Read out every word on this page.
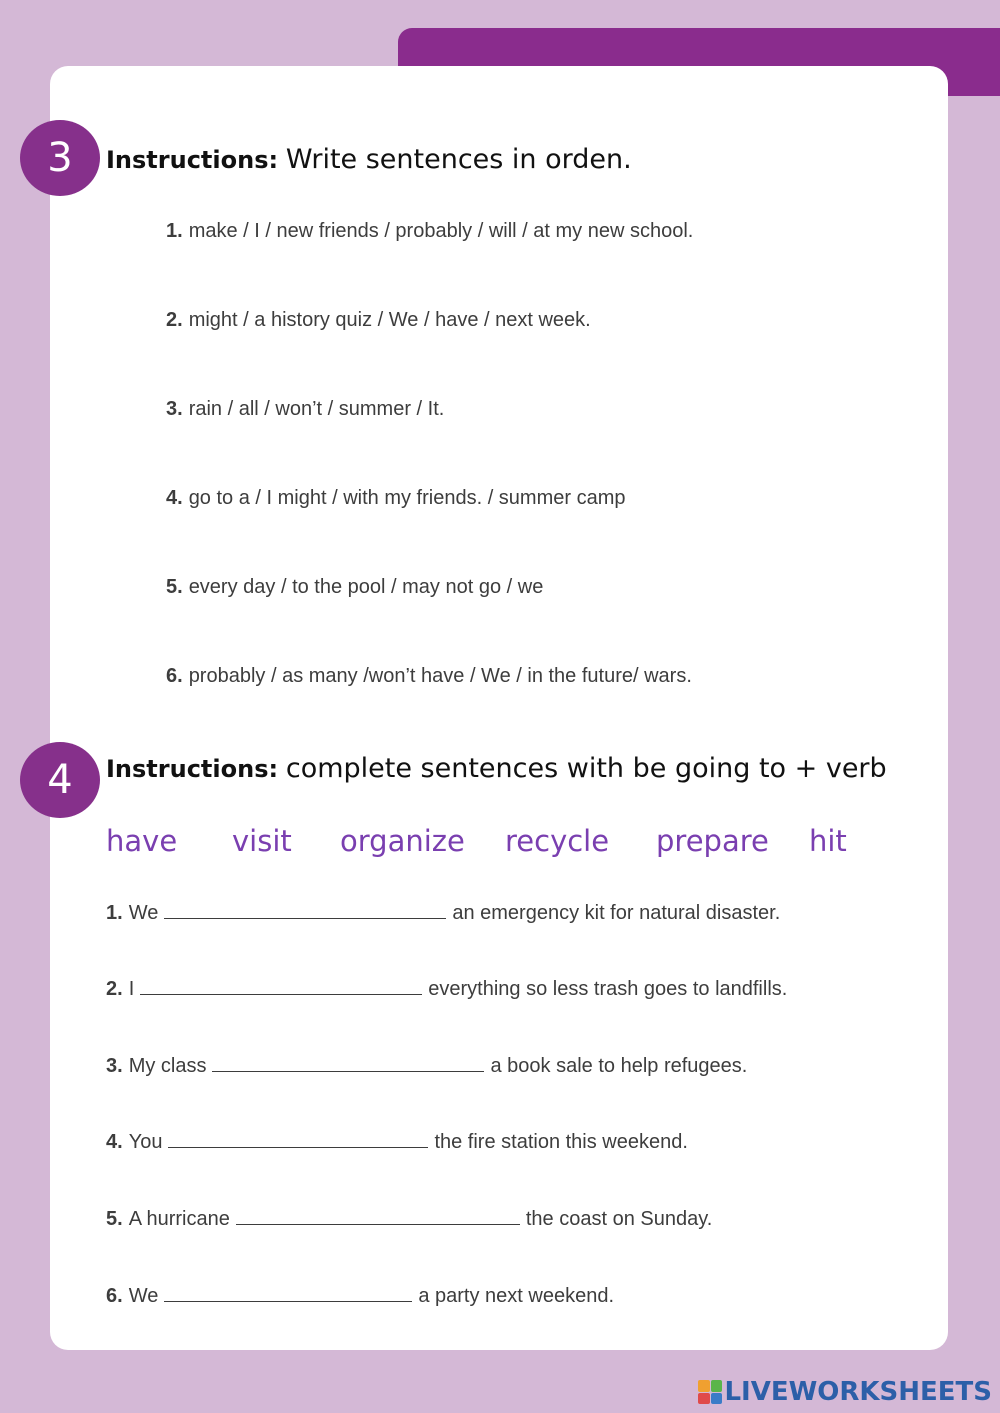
3	Instructions: Write sentences in orden.
1. make / I / new friends / probably / will / at my new school.
2. might / a history quiz / We / have / next week.
3. rain / all / won’t / summer / It.
4. go to a / I might / with my friends. / summer camp
5. every day / to the pool / may not go / we
6. probably / as many /won’t have / We / in the future/ wars.
4	Instructions: complete sentences with be going to + verb
have visit organize recycle prepare hit
1. We	an emergency kit for natural disaster.
2. I	everything so less trash goes to landfills.
3. My class	a book sale to help refugees.
4. You	the fire station this weekend.
5. A hurricane	the coast on Sunday.
6. We	a party next weekend.
LIVEWORKSHEETS
